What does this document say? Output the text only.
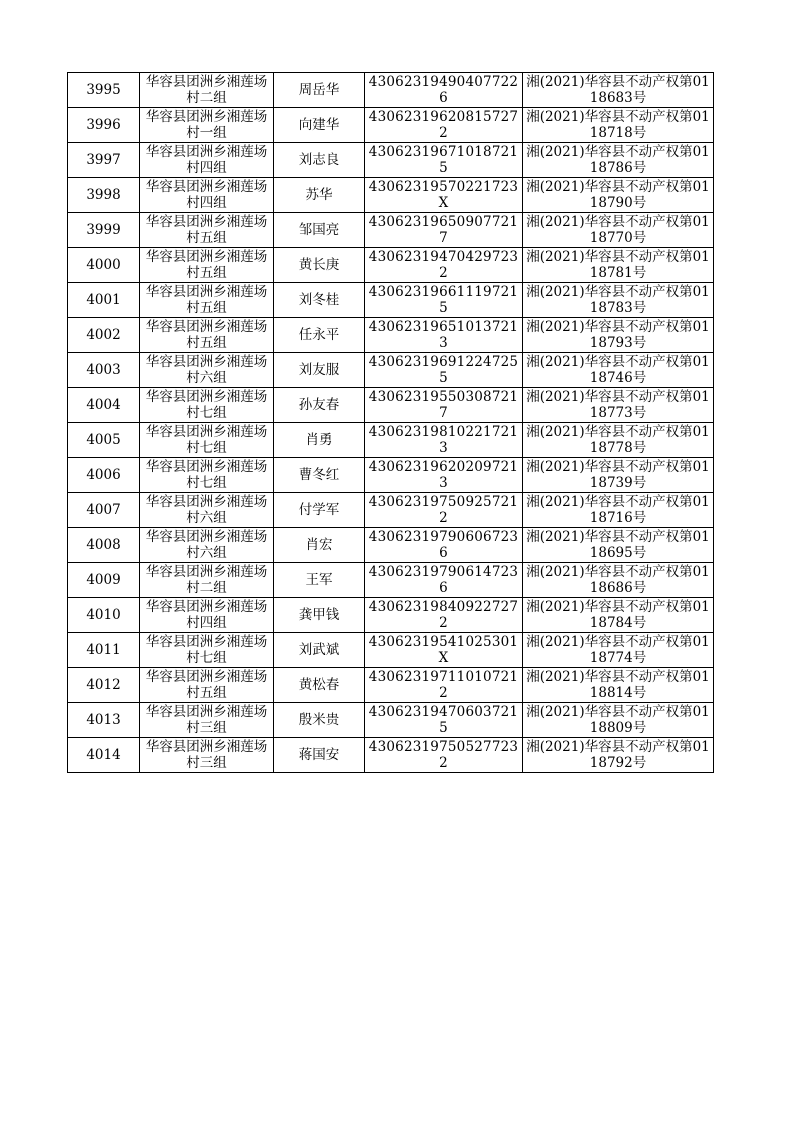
3995	华容县团洲乡湘莲场村二组	周岳华	430623194904077226	湘(2021)华容县不动产权第0118683号

3996	华容县团洲乡湘莲场村一组	向建华	430623196208157272	湘(2021)华容县不动产权第0118718号

3997	华容县团洲乡湘莲场村四组	刘志良	430623196710187215	湘(2021)华容县不动产权第0118786号

3998	华容县团洲乡湘莲场村四组	苏华	43062319570221723X	湘(2021)华容县不动产权第0118790号

3999	华容县团洲乡湘莲场村五组	邹国亮	430623196509077217	湘(2021)华容县不动产权第0118770号

4000	华容县团洲乡湘莲场村五组	黄长庚	430623194704297232	湘(2021)华容县不动产权第0118781号

4001	华容县团洲乡湘莲场村五组	刘冬桂	430623196611197215	湘(2021)华容县不动产权第0118783号

4002	华容县团洲乡湘莲场村五组	任永平	430623196510137213	湘(2021)华容县不动产权第0118793号

4003	华容县团洲乡湘莲场村六组	刘友服	430623196912247255	湘(2021)华容县不动产权第0118746号

4004	华容县团洲乡湘莲场村七组	孙友春	430623195503087217	湘(2021)华容县不动产权第0118773号

4005	华容县团洲乡湘莲场村七组	肖勇	430623198102217213	湘(2021)华容县不动产权第0118778号

4006	华容县团洲乡湘莲场村七组	曹冬红	430623196202097213	湘(2021)华容县不动产权第0118739号

4007	华容县团洲乡湘莲场村六组	付学军	430623197509257212	湘(2021)华容县不动产权第0118716号

4008	华容县团洲乡湘莲场村六组	肖宏	430623197906067236	湘(2021)华容县不动产权第0118695号

4009	华容县团洲乡湘莲场村二组	王军	430623197906147236	湘(2021)华容县不动产权第0118686号

4010	华容县团洲乡湘莲场村四组	龚甲钱	430623198409227272	湘(2021)华容县不动产权第0118784号

4011	华容县团洲乡湘莲场村七组	刘武斌	43062319541025301X	湘(2021)华容县不动产权第0118774号

4012	华容县团洲乡湘莲场村五组	黄松春	430623197110107212	湘(2021)华容县不动产权第0118814号

4013	华容县团洲乡湘莲场村三组	殷米贵	430623194706037215	湘(2021)华容县不动产权第0118809号

4014	华容县团洲乡湘莲场村三组	蒋国安	430623197505277232	湘(2021)华容县不动产权第0118792号
